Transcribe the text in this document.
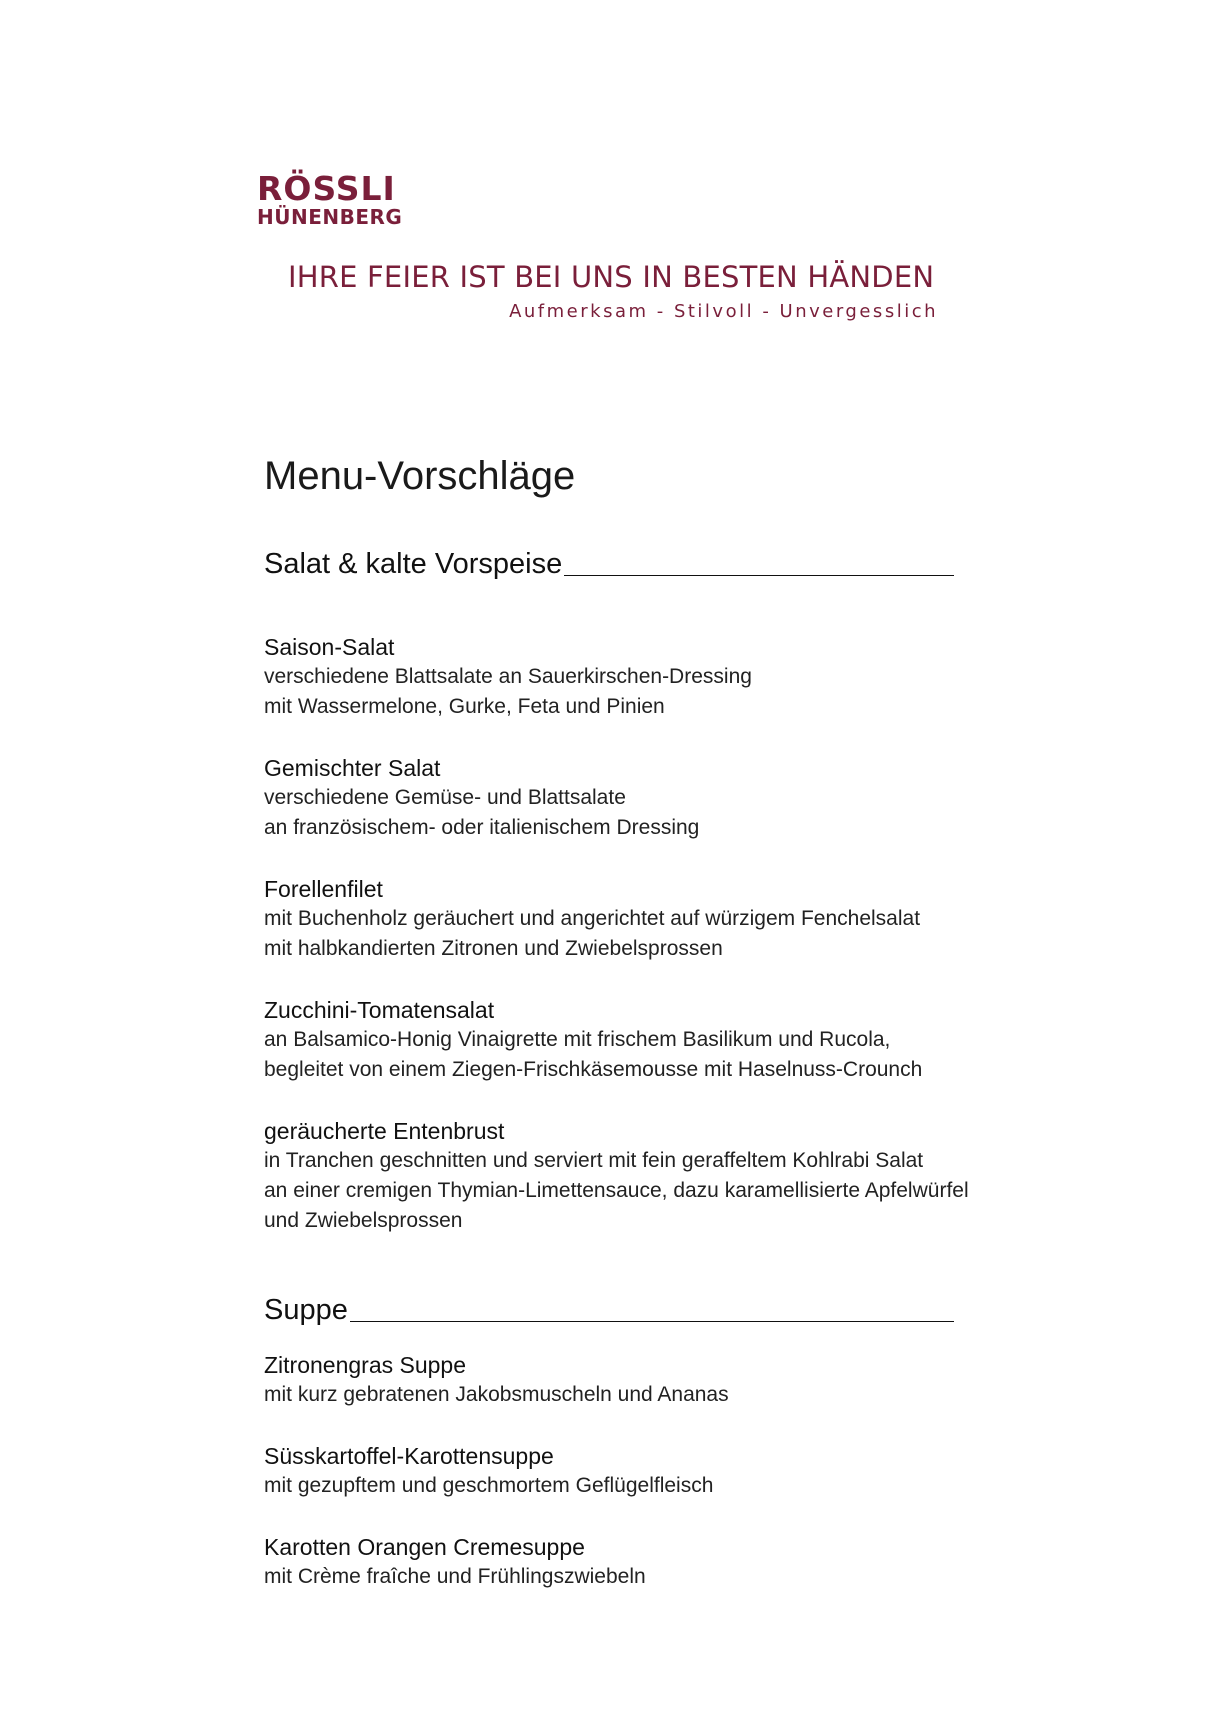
RÖSSLI
HÜNENBERG
IHRE FEIER IST BEI UNS IN BESTEN HÄNDEN
Aufmerksam - Stilvoll - Unvergesslich
Menu-Vorschläge
Salat & kalte Vorspeise
Saison-Salat

verschiedene Blattsalate an Sauerkirschen-Dressing
mit Wassermelone, Gurke, Feta und Pinien

Gemischter Salat

verschiedene Gemüse- und Blattsalate
an französischem- oder italienischem Dressing

Forellenfilet

mit Buchenholz geräuchert und angerichtet auf würzigem Fenchelsalat
mit halbkandierten Zitronen und Zwiebelsprossen

Zucchini-Tomatensalat

an Balsamico-Honig Vinaigrette mit frischem Basilikum und Rucola,
begleitet von einem Ziegen-Frischkäsemousse mit Haselnuss-Crounch

geräucherte Entenbrust

in Tranchen geschnitten und serviert mit fein geraffeltem Kohlrabi Salat
an einer cremigen Thymian-Limettensauce, dazu karamellisierte Apfelwürfel
und Zwiebelsprossen

Suppe
Zitronengras Suppe

mit kurz gebratenen Jakobsmuscheln und Ananas

Süsskartoffel-Karottensuppe

mit gezupftem und geschmortem Geflügelfleisch

Karotten Orangen Cremesuppe

mit Crème fraîche und Frühlingszwiebeln
